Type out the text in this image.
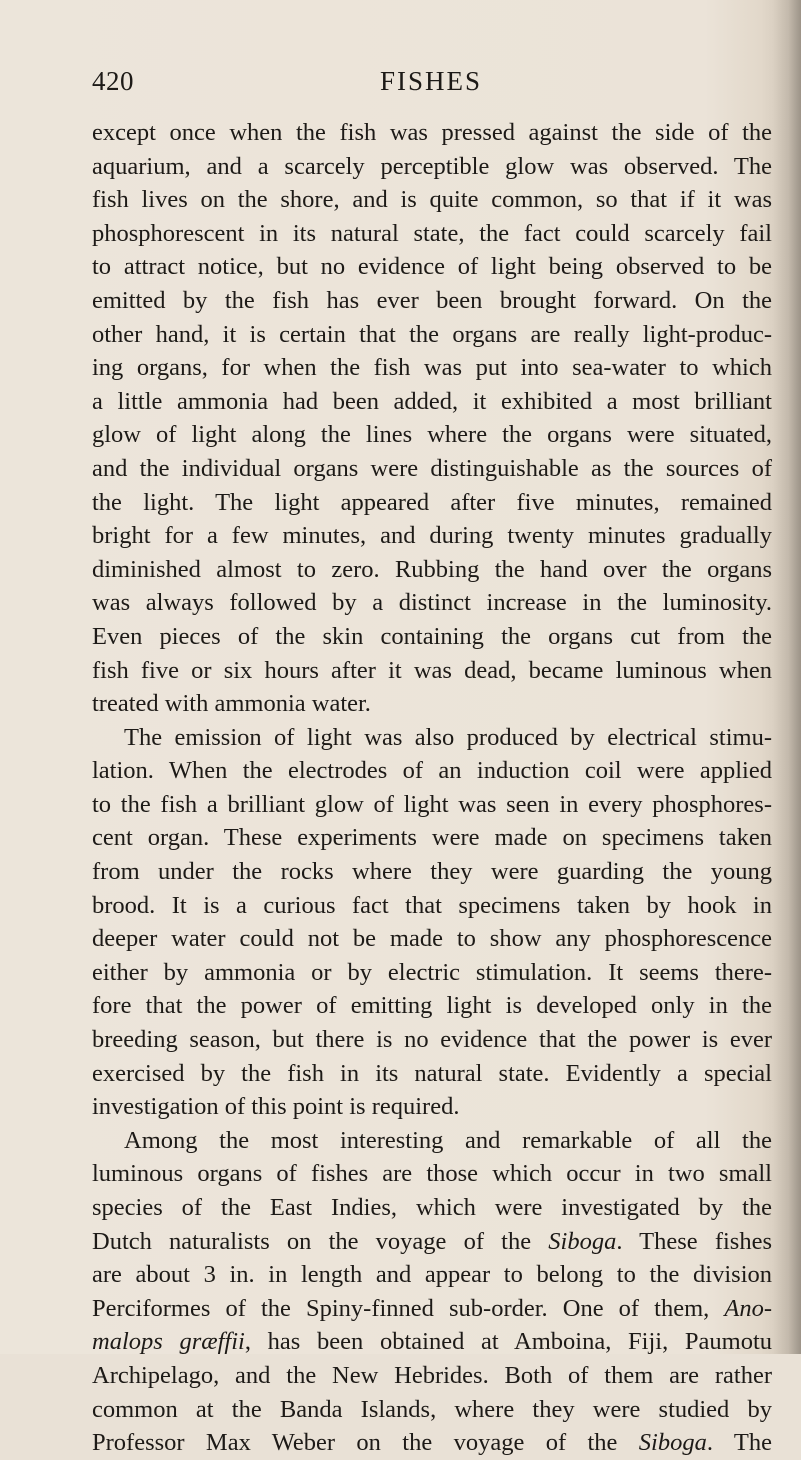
420	FISHES
except once when the fish was pressed against the side of the
aquarium, and a scarcely perceptible glow was observed. The
fish lives on the shore, and is quite common, so that if it was
phosphorescent in its natural state, the fact could scarcely fail
to attract notice, but no evidence of light being observed to be
emitted by the fish has ever been brought forward. On the
other hand, it is certain that the organs are really light-produc-
ing organs, for when the fish was put into sea-water to which
a little ammonia had been added, it exhibited a most brilliant
glow of light along the lines where the organs were situated,
and the individual organs were distinguishable as the sources of
the light. The light appeared after five minutes, remained
bright for a few minutes, and during twenty minutes gradually
diminished almost to zero. Rubbing the hand over the organs
was always followed by a distinct increase in the luminosity.
Even pieces of the skin containing the organs cut from the
fish five or six hours after it was dead, became luminous when
treated with ammonia water.
The emission of light was also produced by electrical stimu-
lation. When the electrodes of an induction coil were applied
to the fish a brilliant glow of light was seen in every phosphores-
cent organ. These experiments were made on specimens taken
from under the rocks where they were guarding the young
brood. It is a curious fact that specimens taken by hook in
deeper water could not be made to show any phosphorescence
either by ammonia or by electric stimulation. It seems there-
fore that the power of emitting light is developed only in the
breeding season, but there is no evidence that the power is ever
exercised by the fish in its natural state. Evidently a special
investigation of this point is required.
Among the most interesting and remarkable of all the
luminous organs of fishes are those which occur in two small
species of the East Indies, which were investigated by the
Dutch naturalists on the voyage of the Siboga. These fishes
are about 3 in. in length and appear to belong to the division
Perciformes of the Spiny-finned sub-order. One of them, Ano-
malops græffii, has been obtained at Amboina, Fiji, Paumotu
Archipelago, and the New Hebrides. Both of them are rather
common at the Banda Islands, where they were studied by
Professor Max Weber on the voyage of the Siboga. The
